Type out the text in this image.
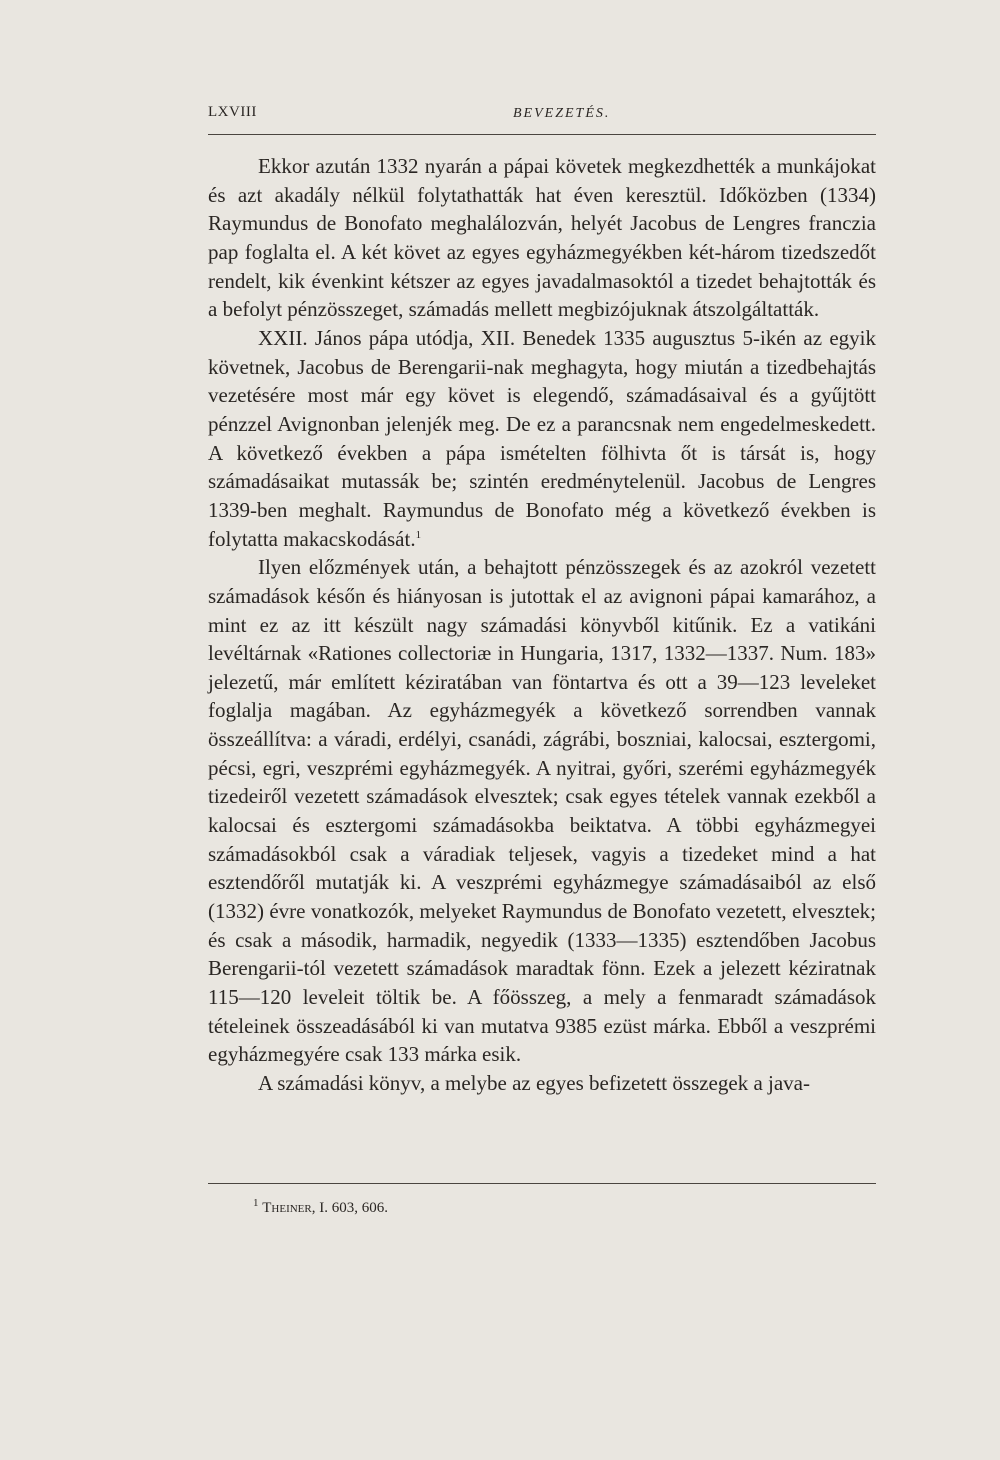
LXVIII	BEVEZETÉS.

Ekkor azután 1332 nyarán a pápai követek megkezdhették a munkájokat és azt akadály nélkül folytathatták hat éven keresztül. Időközben (1334) Raymundus de Bonofato meghalálozván, helyét Jacobus de Lengres franczia pap foglalta el. A két követ az egyes egyházmegyékben két-három tizedszedőt rendelt, kik évenkint kétszer az egyes javadalmasoktól a tizedet behajtották és a befolyt pénzösszeget, számadás mellett megbizójuknak átszolgáltatták.

XXII. János pápa utódja, XII. Benedek 1335 augusztus 5-ikén az egyik követnek, Jacobus de Berengarii-nak meghagyta, hogy miután a tizedbehajtás vezetésére most már egy követ is elegendő, számadásaival és a gyűjtött pénzzel Avignonban jelenjék meg. De ez a parancsnak nem engedelmeskedett. A következő években a pápa ismételten fölhivta őt is társát is, hogy számadásaikat mutassák be; szintén eredménytelenül. Jacobus de Lengres 1339-ben meghalt. Raymundus de Bonofato még a következő években is folytatta makacskodását.$^1$

Ilyen előzmények után, a behajtott pénzösszegek és az azokról vezetett számadások későn és hiányosan is jutottak el az avignoni pápai kamarához, a mint ez az itt készült nagy számadási könyvből kitűnik. Ez a vatikáni levéltárnak «Rationes collectoriæ in Hungaria, 1317, 1332—1337. Num. 183» jelezetű, már említett kéziratában van föntartva és ott a 39—123 leveleket foglalja magában. Az egyházmegyék a következő sorrendben vannak összeállítva: a váradi, erdélyi, csanádi, zágrábi, boszniai, kalocsai, esztergomi, pécsi, egri, veszprémi egyházmegyék. A nyitrai, győri, szerémi egyházmegyék tizedeiről vezetett számadások elvesztek; csak egyes tételek vannak ezekből a kalocsai és esztergomi számadásokba beiktatva. A többi egyházmegyei számadásokból csak a váradiak teljesek, vagyis a tizedeket mind a hat esztendőről mutatják ki. A veszprémi egyházmegye számadásaiból az első (1332) évre vonatkozók, melyeket Raymundus de Bonofato vezetett, elvesztek; és csak a második, harmadik, negyedik (1333—1335) esztendőben Jacobus Berengarii-tól vezetett számadások maradtak fönn. Ezek a jelezett kéziratnak 115—120 leveleit töltik be. A főösszeg, a mely a fenmaradt számadások tételeinek összeadásából ki van mutatva 9385 ezüst márka. Ebből a veszprémi egyházmegyére csak 133 márka esik.

A számadási könyv, a melybe az egyes befizetett összegek a java-

$^1$ Theiner, I. 603, 606.
